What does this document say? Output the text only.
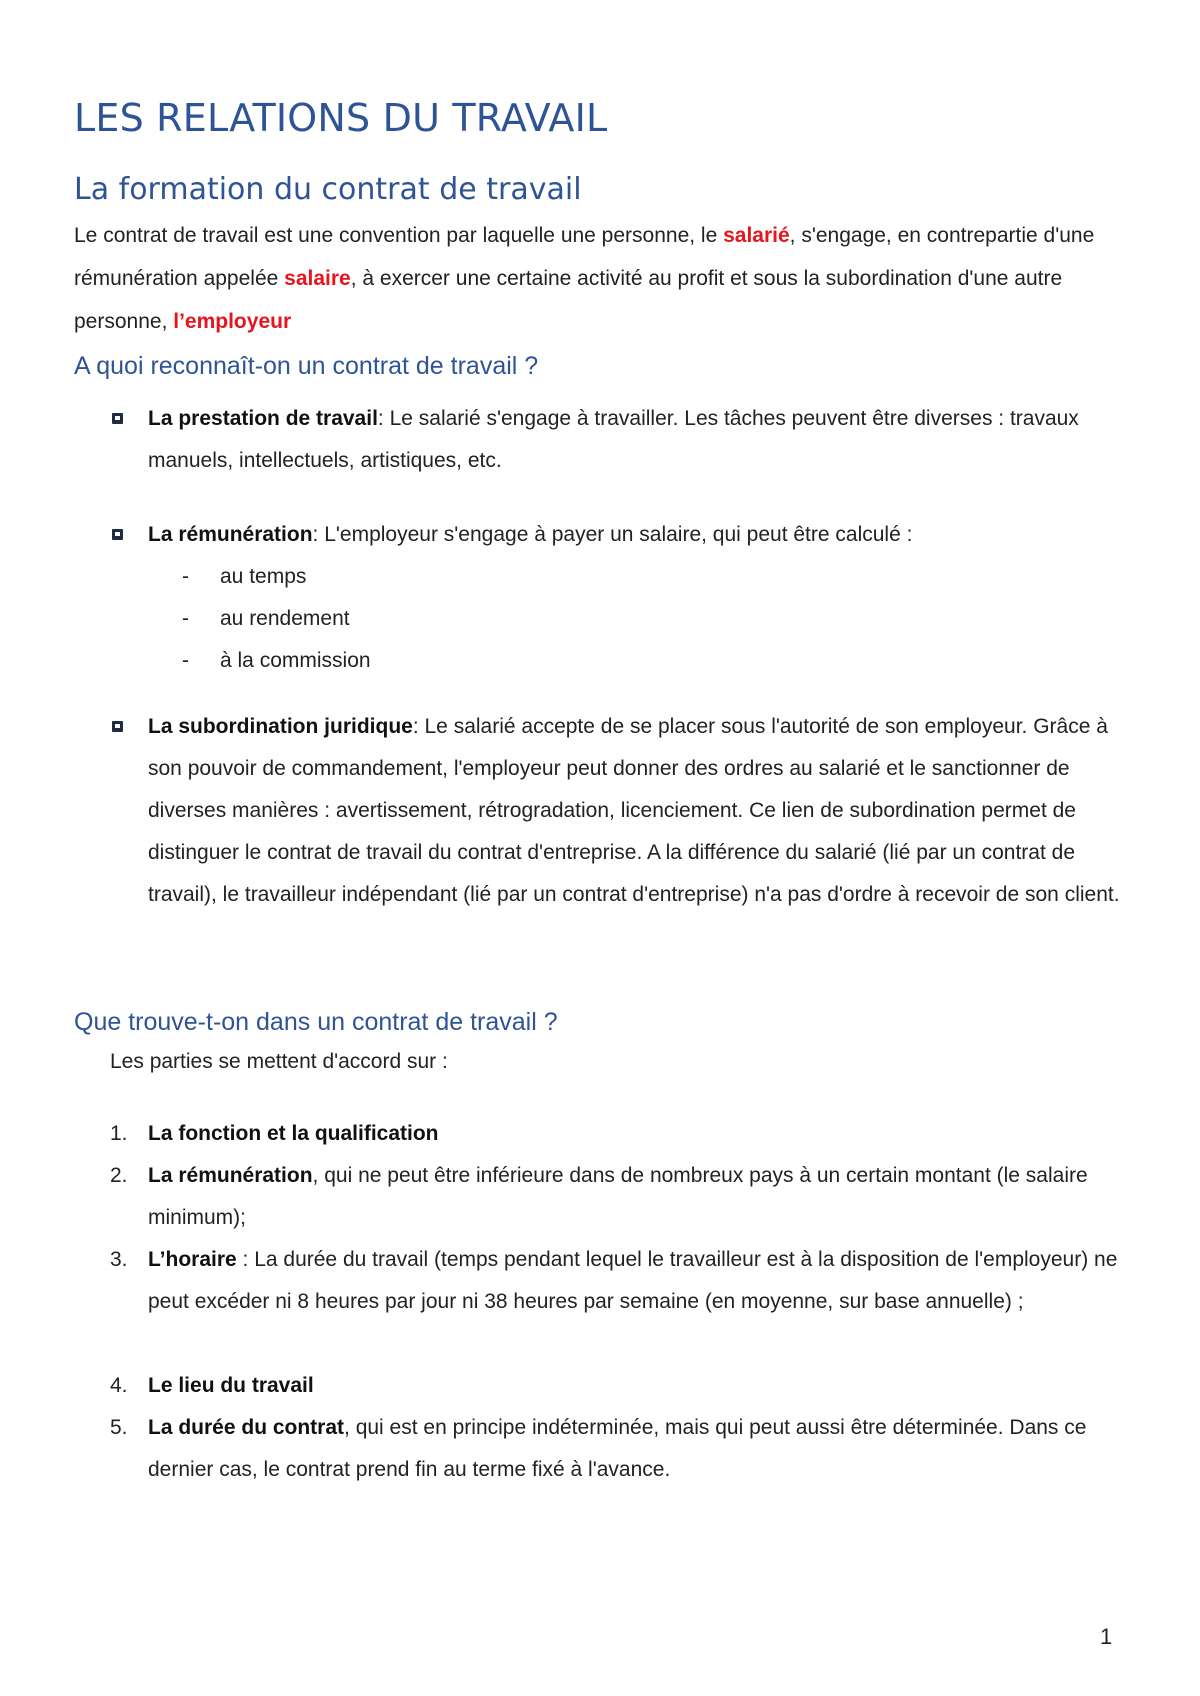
LES RELATIONS DU TRAVAIL
La formation du contrat de travail

Le contrat de travail est une convention par laquelle une personne, le salarié, s'engage, en contrepartie d'une rémunération appelée salaire, à exercer une certaine activité au profit et sous la subordination d'une autre personne, l’employeur

A quoi reconnaît-on un contrat de travail ?

La prestation de travail: Le salarié s'engage à travailler. Les tâches peuvent être diverses : travaux manuels, intellectuels, artistiques, etc.

La rémunération: L'employeur s'engage à payer un salaire, qui peut être calculé :

- au temps
- au rendement
- à la commission

La subordination juridique: Le salarié accepte de se placer sous l'autorité de son employeur. Grâce à son pouvoir de commandement, l'employeur peut donner des ordres au salarié et le sanctionner de diverses manières : avertissement, rétrogradation, licenciement. Ce lien de subordination permet de distinguer le contrat de travail du contrat d'entreprise. A la différence du salarié (lié par un contrat de travail), le travailleur indépendant (lié par un contrat d'entreprise) n'a pas d'ordre à recevoir de son client.

Que trouve-t-on dans un contrat de travail ?

Les parties se mettent d'accord sur :

1. La fonction et la qualification

2. La rémunération, qui ne peut être inférieure dans de nombreux pays à un certain montant (le salaire minimum);

3. L’horaire : La durée du travail (temps pendant lequel le travailleur est à la disposition de l'employeur) ne peut excéder ni 8 heures par jour ni 38 heures par semaine (en moyenne, sur base annuelle) ;

4. Le lieu du travail

5. La durée du contrat, qui est en principe indéterminée, mais qui peut aussi être déterminée. Dans ce dernier cas, le contrat prend fin au terme fixé à l'avance.

1
